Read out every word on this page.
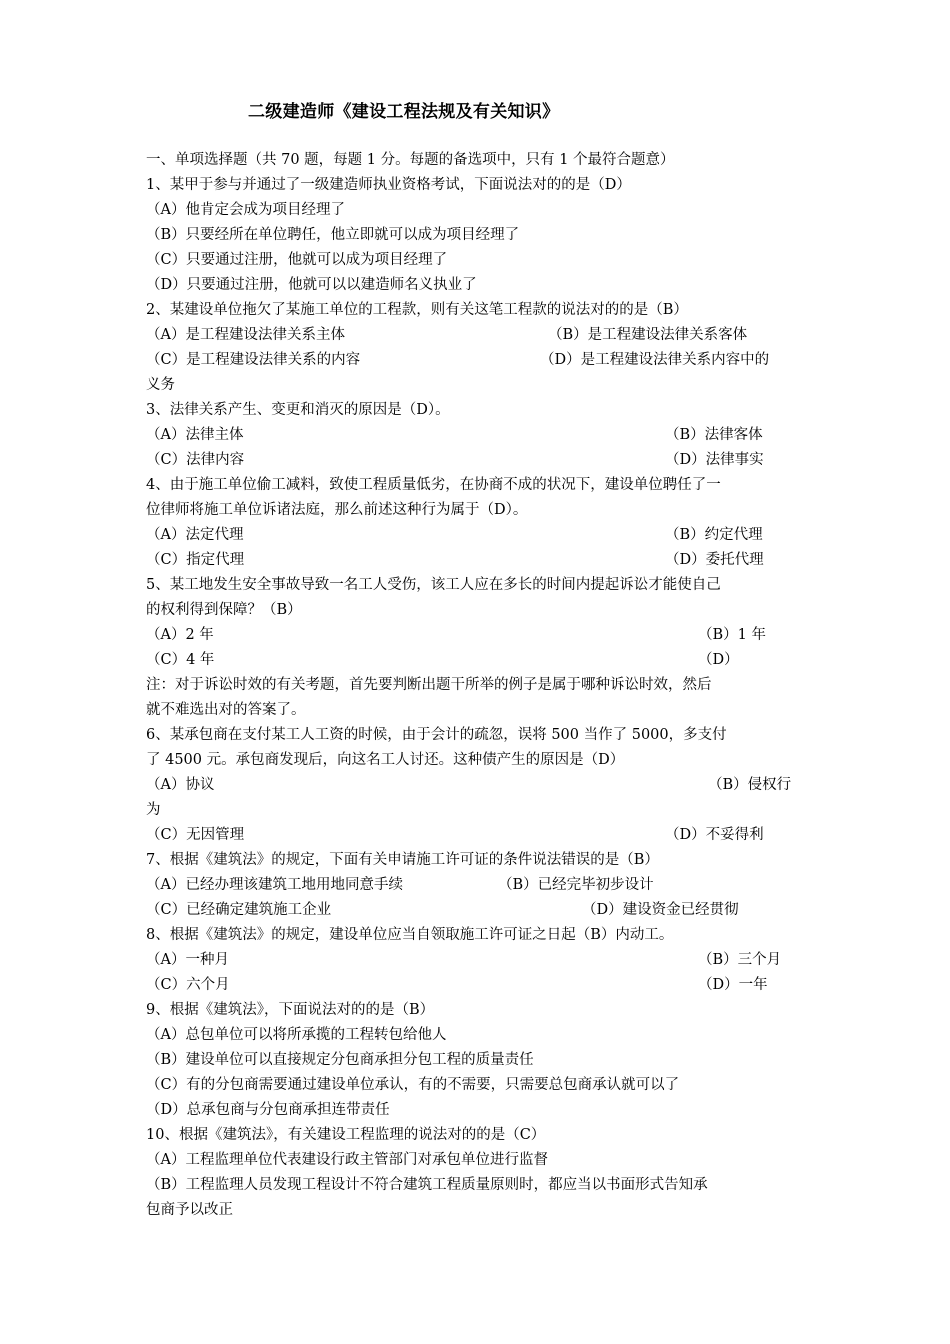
二级建造师《建设工程法规及有关知识》
一、单项选择题（共 70 题，每题 1 分。每题的备选项中，只有 1 个最符合题意）
1、某甲于参与并通过了一级建造师执业资格考试，下面说法对的的是（D）
（A）他肯定会成为项目经理了
（B）只要经所在单位聘任，他立即就可以成为项目经理了
（C）只要通过注册，他就可以成为项目经理了
（D）只要通过注册，他就可以以建造师名义执业了
2、某建设单位拖欠了某施工单位的工程款，则有关这笔工程款的说法对的的是（B）
（A）是工程建设法律关系主体	（B）是工程建设法律关系客体
（C）是工程建设法律关系的内容	（D）是工程建设法律关系内容中的
义务
3、法律关系产生、变更和消灭的原因是（D）。
（A）法律主体	（B）法律客体
（C）法律内容	（D）法律事实
4、由于施工单位偷工减料，致使工程质量低劣，在协商不成的状况下，建设单位聘任了一
位律师将施工单位诉诸法庭，那么前述这种行为属于（D）。
（A）法定代理	（B）约定代理
（C）指定代理	（D）委托代理
5、某工地发生安全事故导致一名工人受伤，该工人应在多长的时间内提起诉讼才能使自己
的权利得到保障？（B）
（A）2 年	（B）1 年
（C）4 年	（D）
注：对于诉讼时效的有关考题，首先要判断出题干所举的例子是属于哪种诉讼时效，然后
就不难选出对的答案了。
6、某承包商在支付某工人工资的时候，由于会计的疏忽，误将 500 当作了 5000，多支付
了 4500 元。承包商发现后，向这名工人讨还。这种债产生的原因是（D）
（A）协议	（B）侵权行
为
（C）无因管理	（D）不妥得利
7、根据《建筑法》的规定，下面有关申请施工许可证的条件说法错误的是（B）
（A）已经办理该建筑工地用地同意手续	（B）已经完毕初步设计
（C）已经确定建筑施工企业	（D）建设资金已经贯彻
8、根据《建筑法》的规定，建设单位应当自领取施工许可证之日起（B）内动工。
（A）一种月	（B）三个月
（C）六个月	（D）一年
9、根据《建筑法》，下面说法对的的是（B）
（A）总包单位可以将所承揽的工程转包给他人
（B）建设单位可以直接规定分包商承担分包工程的质量责任
（C）有的分包商需要通过建设单位承认，有的不需要，只需要总包商承认就可以了
（D）总承包商与分包商承担连带责任
10、根据《建筑法》，有关建设工程监理的说法对的的是（C）
（A）工程监理单位代表建设行政主管部门对承包单位进行监督
（B）工程监理人员发现工程设计不符合建筑工程质量原则时，都应当以书面形式告知承
包商予以改正
